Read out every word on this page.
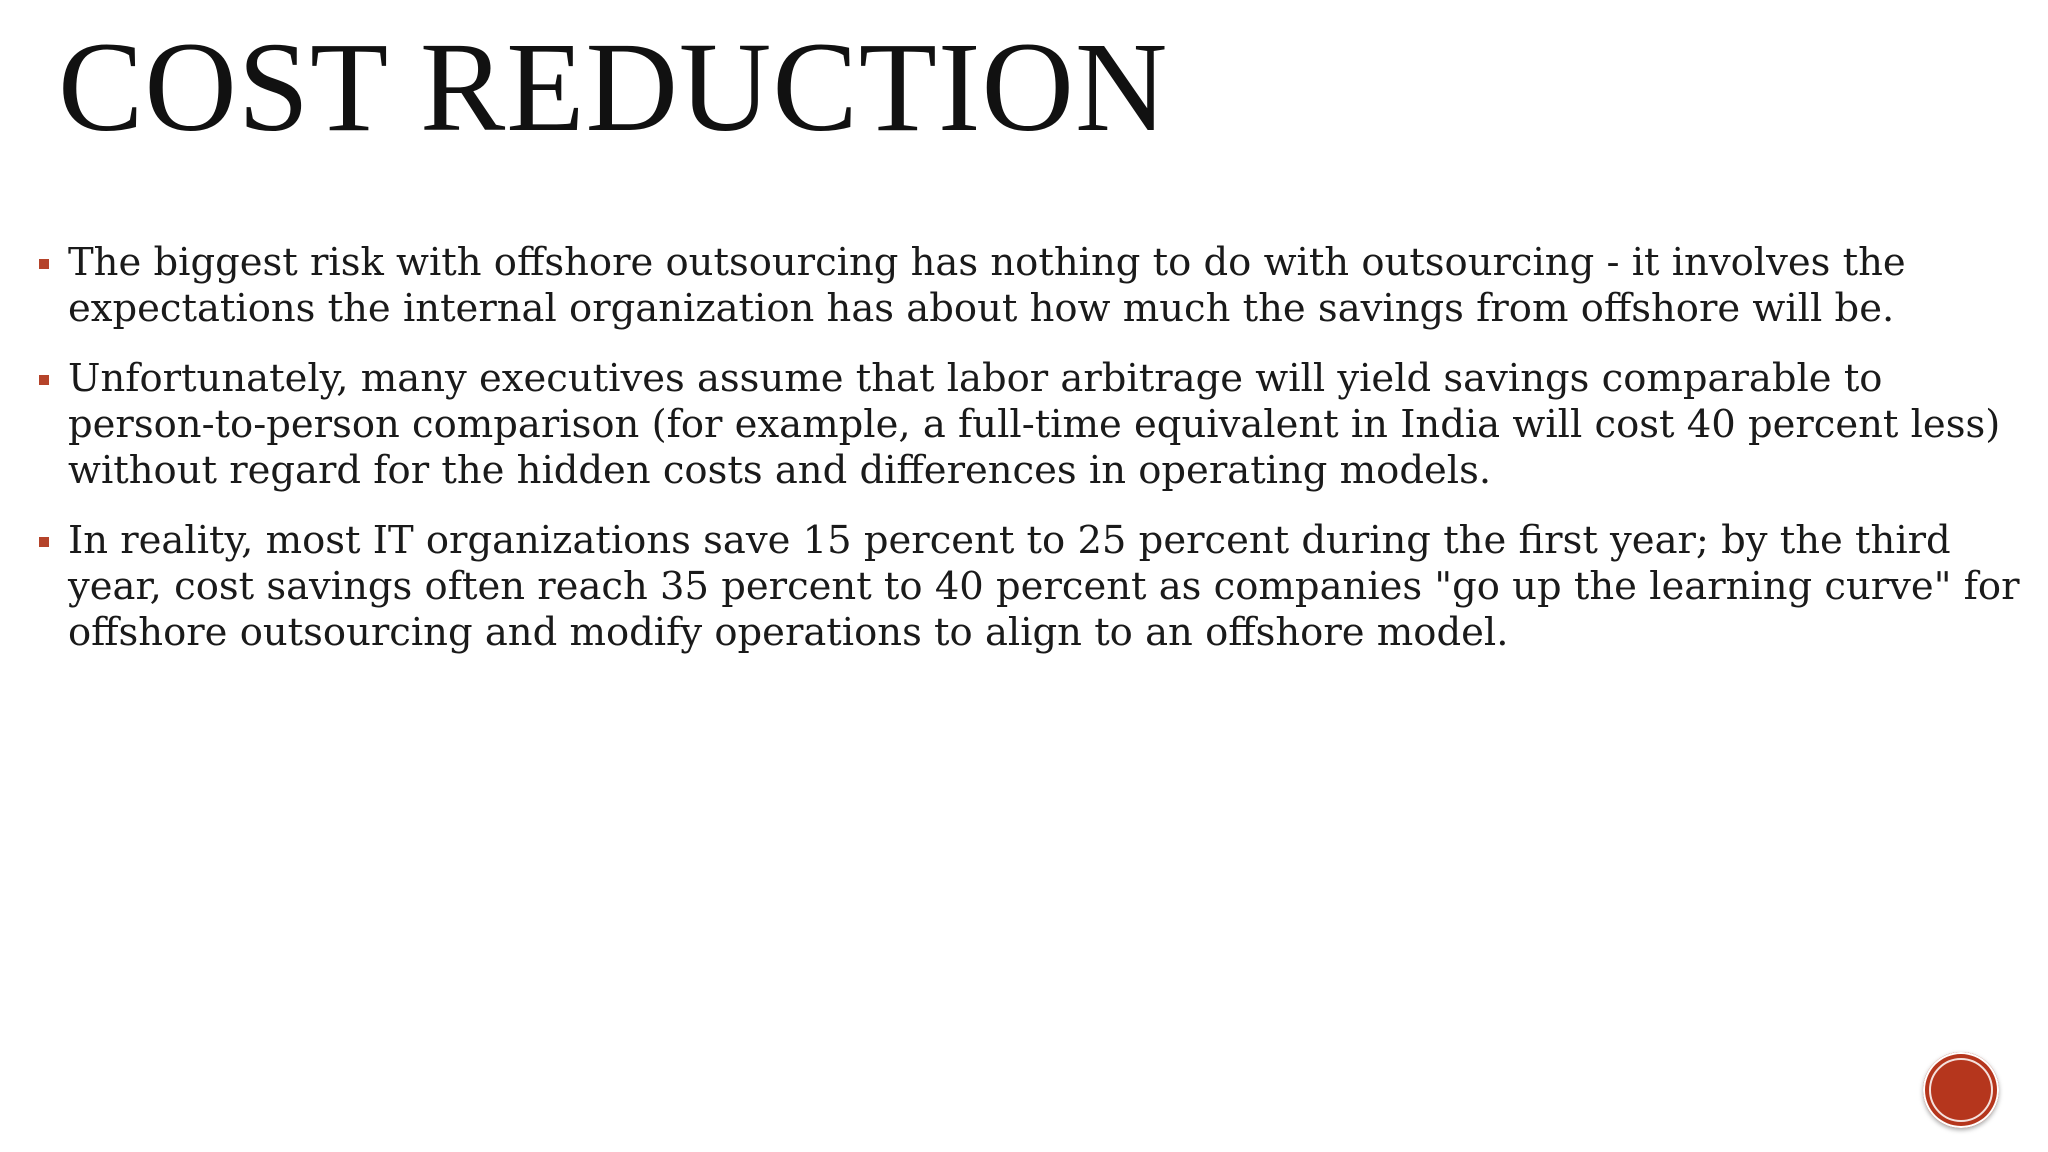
COST REDUCTION
The biggest risk with offshore outsourcing has nothing to do with outsourcing - it involves the expectations the internal organization has about how much the savings from offshore will be.
Unfortunately, many executives assume that labor arbitrage will yield savings comparable to person-to-person comparison (for example, a full-time equivalent in India will cost 40 percent less) without regard for the hidden costs and differences in operating models.
In reality, most IT organizations save 15 percent to 25 percent during the first year; by the third year, cost savings often reach 35 percent to 40 percent as companies "go up the learning curve" for offshore outsourcing and modify operations to align to an offshore model.
